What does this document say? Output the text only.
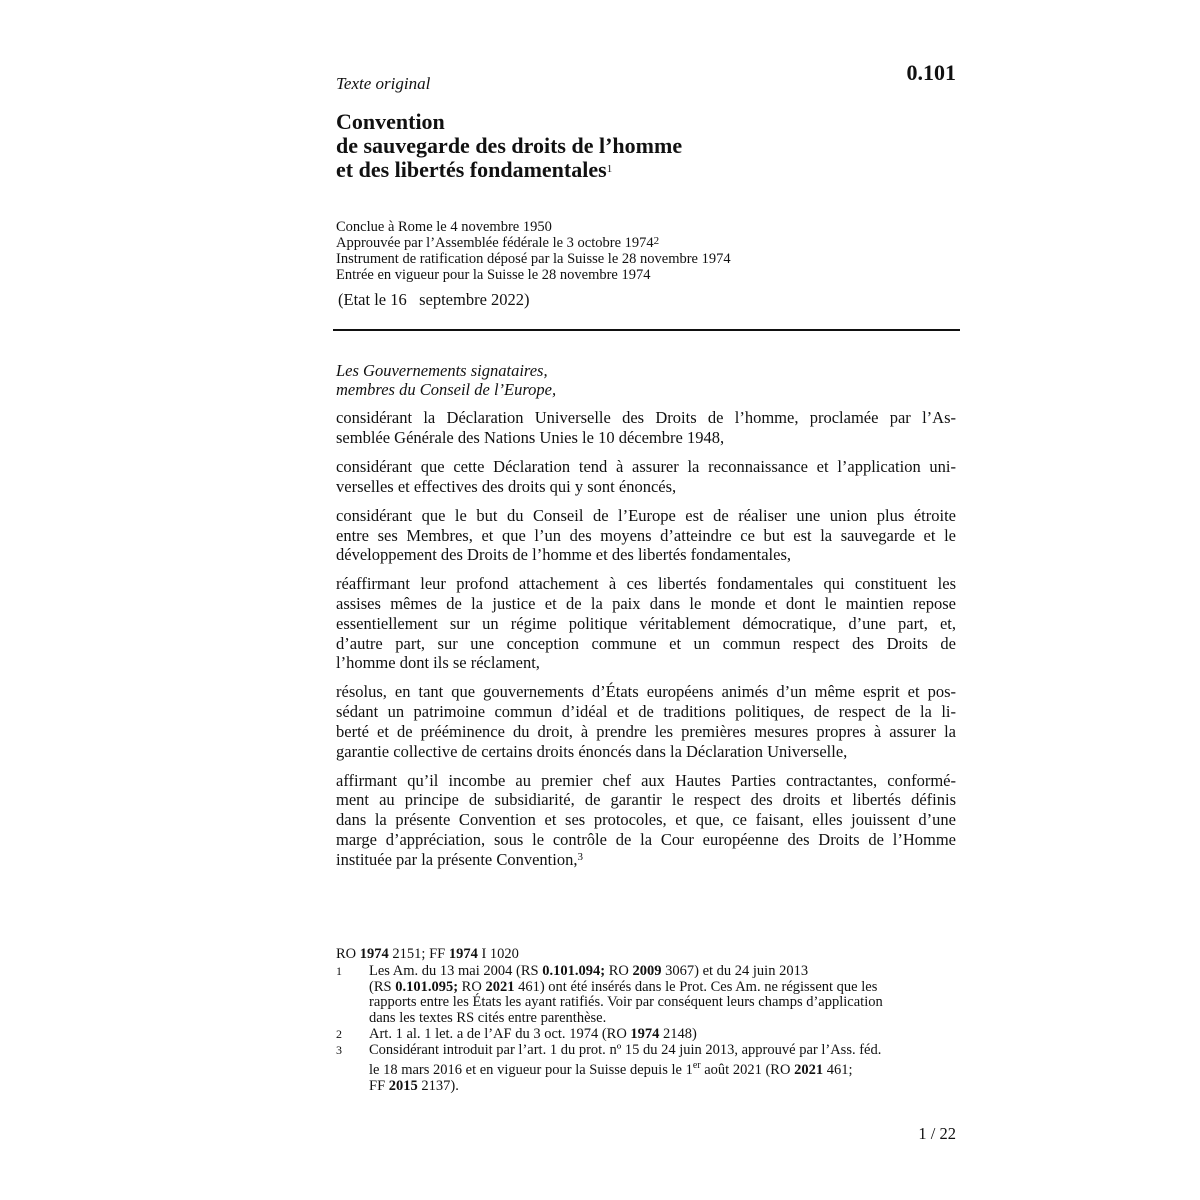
Texte original	0.101
Convention
de sauvegarde des droits de l’homme
et des libertés fondamentales$^1$
Conclue à Rome le 4 novembre 1950
Approuvée par l’Assemblée fédérale le 3 octobre 1974$^2$
Instrument de ratification déposé par la Suisse le 28 novembre 1974
Entrée en vigueur pour la Suisse le 28 novembre 1974
(Etat le 16   septembre 2022)
Les Gouvernements signataires,
membres du Conseil de l’Europe,

considérant la Déclaration Universelle des Droits de l’homme, proclamée par l’As-
semblée Générale des Nations Unies le 10 décembre 1948,

considérant que cette Déclaration tend à assurer la reconnaissance et l’application uni-
verselles et effectives des droits qui y sont énoncés,

considérant que le but du Conseil de l’Europe est de réaliser une union plus étroite
entre ses Membres, et que l’un des moyens d’atteindre ce but est la sauvegarde et le
développement des Droits de l’homme et des libertés fondamentales,

réaffirmant leur profond attachement à ces libertés fondamentales qui constituent les
assises mêmes de la justice et de la paix dans le monde et dont le maintien repose
essentiellement sur un régime politique véritablement démocratique, d’une part, et,
d’autre part, sur une conception commune et un commun respect des Droits de
l’homme dont ils se réclament,

résolus, en tant que gouvernements d’États européens animés d’un même esprit et pos-
sédant un patrimoine commun d’idéal et de traditions politiques, de respect de la li-
berté et de prééminence du droit, à prendre les premières mesures propres à assurer la
garantie collective de certains droits énoncés dans la Déclaration Universelle,

affirmant qu’il incombe au premier chef aux Hautes Parties contractantes, conformé-
ment au principe de subsidiarité, de garantir le respect des droits et libertés définis
dans la présente Convention et ses protocoles, et que, ce faisant, elles jouissent d’une
marge d’appréciation, sous le contrôle de la Cour européenne des Droits de l’Homme
instituée par la présente Convention,$^3$

RO 1974 2151; FF 1974 I 1020
1	Les Am. du 13 mai 2004 (RS 0.101.094; RO 2009 3067) et du 24 juin 2013
(RS 0.101.095; RO 2021 461) ont été insérés dans le Prot. Ces Am. ne régissent que les
rapports entre les États les ayant ratifiés. Voir par conséquent leurs champs d’application
dans les textes RS cités entre parenthèse.
2	Art. 1 al. 1 let. a de l’AF du 3 oct. 1974 (RO 1974 2148)
3	Considérant introduit par l’art. 1 du prot. nº 15 du 24 juin 2013, approuvé par l’Ass. féd.
le 18 mars 2016 et en vigueur pour la Suisse depuis le 1er août 2021 (RO 2021 461;
FF 2015 2137).
1 / 22
